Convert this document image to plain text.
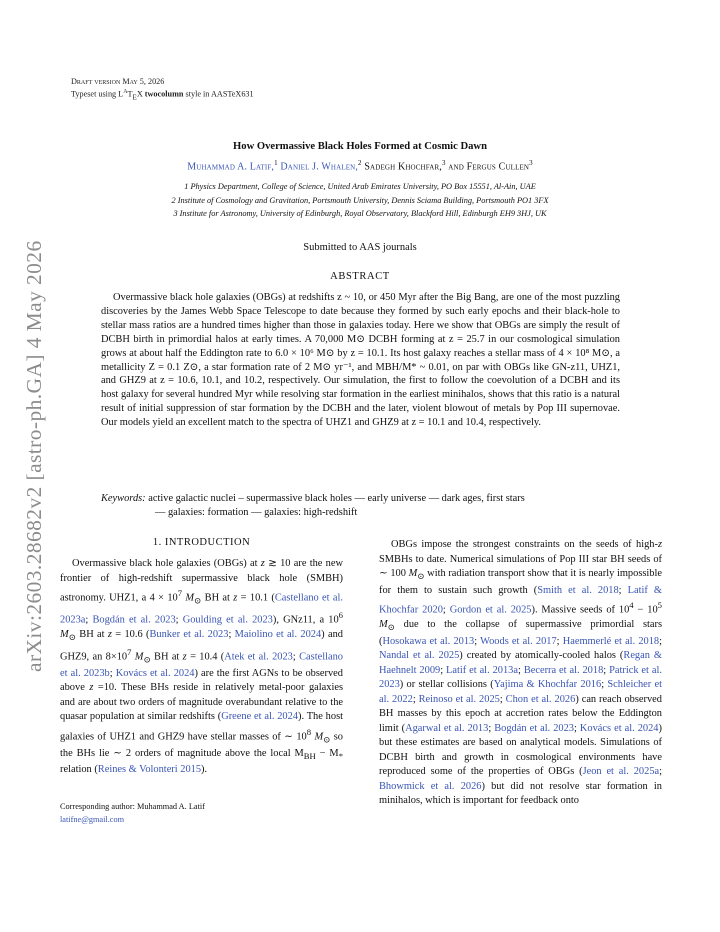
Draft version May 5, 2026
Typeset using $L^AT_EX$ twocolumn style in AASTeX631
arXiv:2603.28682v2 [astro-ph.GA] 4 May 2026
How Overmassive Black Holes Formed at Cosmic Dawn
Muhammad A. Latif,$^1$ Daniel J. Whalen,$^2$ Sadegh Khochfar,$^3$ and Fergus Cullen$^3$
1 Physics Department, College of Science, United Arab Emirates University, PO Box 15551, Al-Ain, UAE
2 Institute of Cosmology and Gravitation, Portsmouth University, Dennis Sciama Building, Portsmouth PO1 3FX
3 Institute for Astronomy, University of Edinburgh, Royal Observatory, Blackford Hill, Edinburgh EH9 3HJ, UK
Submitted to AAS journals
ABSTRACT
Overmassive black hole galaxies (OBGs) at redshifts z ~ 10, or 450 Myr after the Big Bang, are one of the most puzzling discoveries by the James Webb Space Telescope to date because they formed by such early epochs and their black-hole to stellar mass ratios are a hundred times higher than those in galaxies today. Here we show that OBGs are simply the result of DCBH birth in primordial halos at early times. A 70,000 M⊙ DCBH forming at z = 25.7 in our cosmological simulation grows at about half the Eddington rate to 6.0 × 10⁶ M⊙ by z = 10.1. Its host galaxy reaches a stellar mass of 4 × 10⁸ M⊙, a metallicity Z = 0.1 Z⊙, a star formation rate of 2 M⊙ yr⁻¹, and MBH/M* ~ 0.01, on par with OBGs like GN-z11, UHZ1, and GHZ9 at z = 10.6, 10.1, and 10.2, respectively. Our simulation, the first to follow the coevolution of a DCBH and its host galaxy for several hundred Myr while resolving star formation in the earliest minihalos, shows that this ratio is a natural result of initial suppression of star formation by the DCBH and the later, violent blowout of metals by Pop III supernovae. Our models yield an excellent match to the spectra of UHZ1 and GHZ9 at z = 10.1 and 10.4, respectively.
Keywords: active galactic nuclei – supermassive black holes — early universe — dark ages, first stars
— galaxies: formation — galaxies: high-redshift
1. INTRODUCTION

Overmassive black hole galaxies (OBGs) at z ≳ 10 are the new frontier of high-redshift supermassive black hole (SMBH) astronomy. UHZ1, a $4 \times 10^7$ $M_⊙$ BH at z = 10.1 (Castellano et al. 2023a; Bogdán et al. 2023; Goulding et al. 2023), GNz11, a $10^6$ $M_⊙$ BH at z = 10.6 (Bunker et al. 2023; Maiolino et al. 2024) and GHZ9, an $8\times 10^7$ $M_⊙$ BH at z = 10.4 (Atek et al. 2023; Castellano et al. 2023b; Kovács et al. 2024) are the first AGNs to be observed above z =10. These BHs reside in relatively metal-poor galaxies and are about two orders of magnitude overabundant relative to the quasar population at similar redshifts (Greene et al. 2024). The host galaxies of UHZ1 and GHZ9 have stellar masses of ∼ $10^8$ $M_⊙$ so the BHs lie ∼ 2 orders of magnitude above the local $M_{BH} - M_*$ relation (Reines & Volonteri 2015).

Corresponding author: Muhammad A. Latif
latifne@gmail.com

OBGs impose the strongest constraints on the seeds of high-z SMBHs to date. Numerical simulations of Pop III star BH seeds of ∼ 100 $M_⊙$ with radiation transport show that it is nearly impossible for them to sustain such growth (Smith et al. 2018; Latif & Khochfar 2020; Gordon et al. 2025). Massive seeds of $10^4 - 10^5$ $M_⊙$ due to the collapse of supermassive primordial stars (Hosokawa et al. 2013; Woods et al. 2017; Haemmerlé et al. 2018; Nandal et al. 2025) created by atomically-cooled halos (Regan & Haehnelt 2009; Latif et al. 2013a; Becerra et al. 2018; Patrick et al. 2023) or stellar collisions (Yajima & Khochfar 2016; Schleicher et al. 2022; Reinoso et al. 2025; Chon et al. 2026) can reach observed BH masses by this epoch at accretion rates below the Eddington limit (Agarwal et al. 2013; Bogdán et al. 2023; Kovács et al. 2024) but these estimates are based on analytical models. Simulations of DCBH birth and growth in cosmological environments have reproduced some of the properties of OBGs (Jeon et al. 2025a; Bhowmick et al. 2026) but did not resolve star formation in minihalos, which is important for feedback onto
